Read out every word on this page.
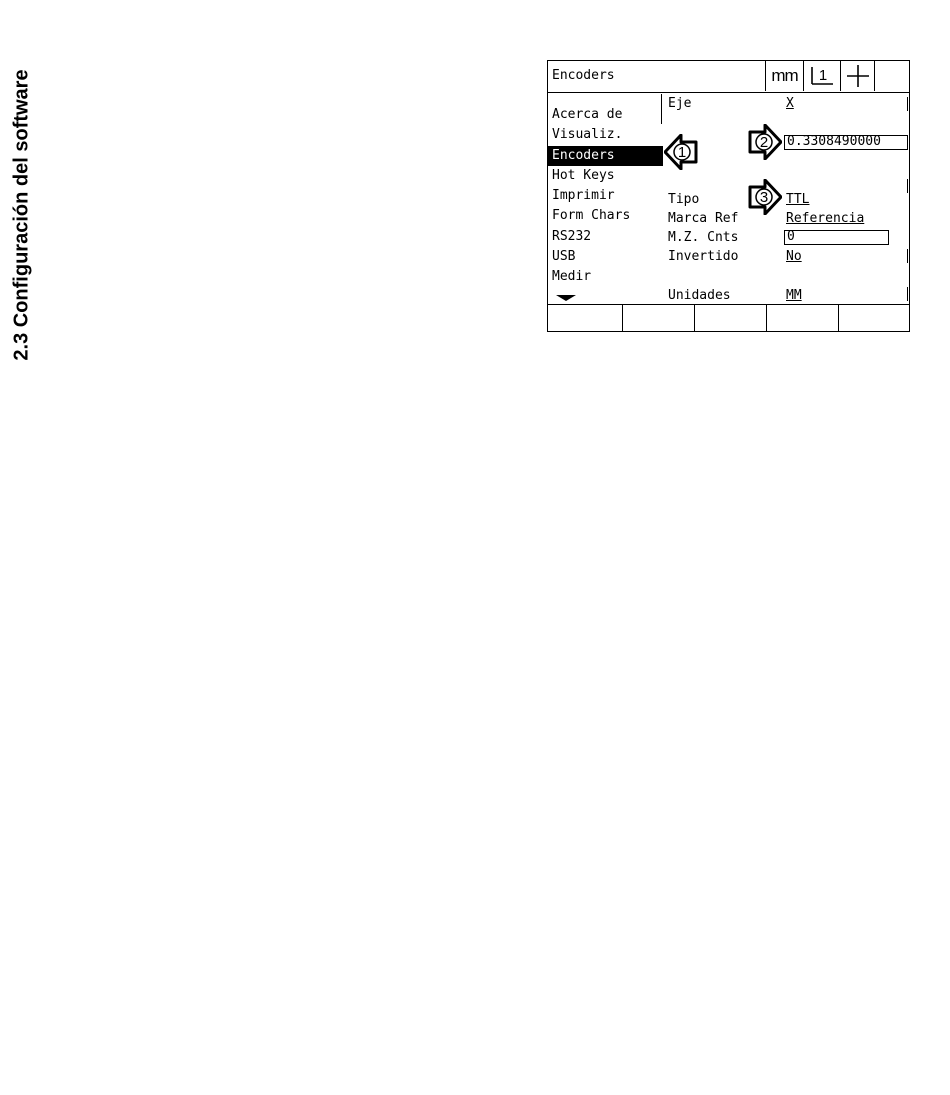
2.3 Configuración del software	Encoders	mm 1
Acerca de
Visualiz.
Encoders
Hot Keys
Imprimir
Form Chars
RS232
USB
Medir
Eje	X
0.3308490000
Tipo	TTL
Marca Ref	Referencia
M.Z. Cnts	0
Invertido	No
Unidades	MM
1
2
3
